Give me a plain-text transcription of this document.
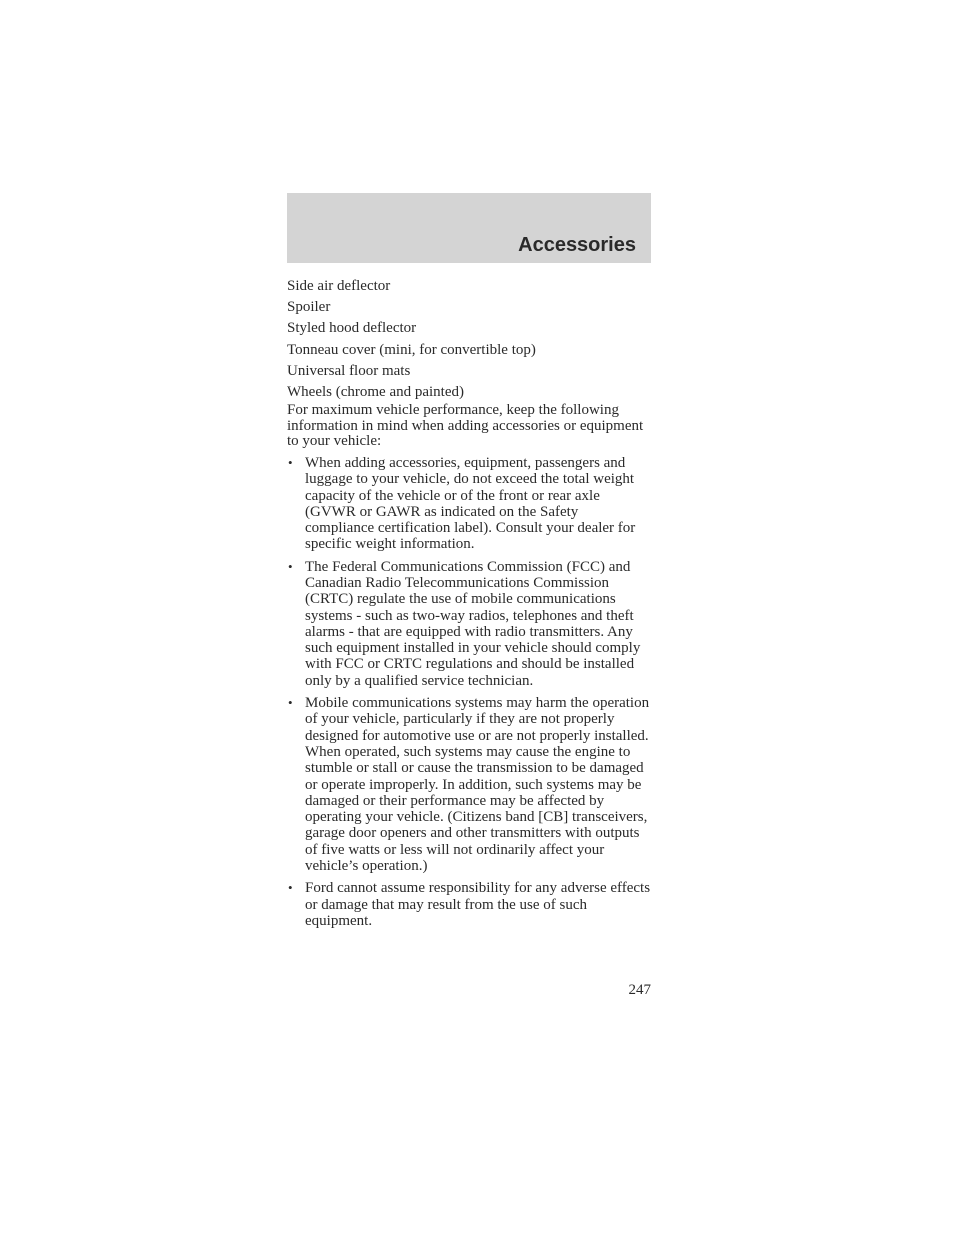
Accessories
Side air deflector
Spoiler
Styled hood deflector
Tonneau cover (mini, for convertible top)
Universal floor mats
Wheels (chrome and painted)

For maximum vehicle performance, keep the following information in mind when adding accessories or equipment to your vehicle:

• When adding accessories, equipment, passengers and luggage to your vehicle, do not exceed the total weight capacity of the vehicle or of the front or rear axle (GVWR or GAWR as indicated on the Safety compliance certification label). Consult your dealer for specific weight information.
• The Federal Communications Commission (FCC) and Canadian Radio Telecommunications Commission (CRTC) regulate the use of mobile communications systems - such as two-way radios, telephones and theft alarms - that are equipped with radio transmitters. Any such equipment installed in your vehicle should comply with FCC or CRTC regulations and should be installed only by a qualified service technician.
• Mobile communications systems may harm the operation of your vehicle, particularly if they are not properly designed for automotive use or are not properly installed. When operated, such systems may cause the engine to stumble or stall or cause the transmission to be damaged or operate improperly. In addition, such systems may be damaged or their performance may be affected by operating your vehicle. (Citizens band [CB] transceivers, garage door openers and other transmitters with outputs of five watts or less will not ordinarily affect your vehicle’s operation.)
• Ford cannot assume responsibility for any adverse effects or damage that may result from the use of such equipment.
247
